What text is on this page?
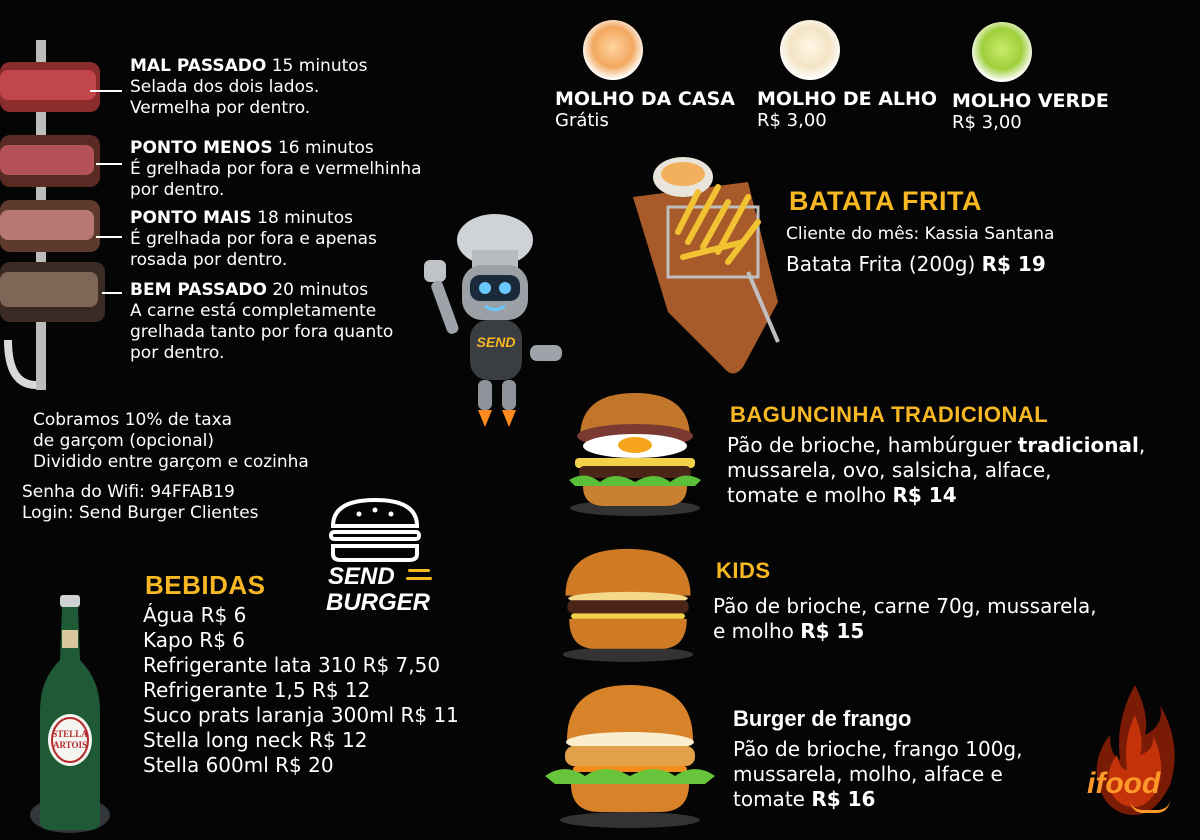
MAL PASSADO 15 minutos
Selada dos dois lados.
Vermelha por dentro.
PONTO MENOS 16 minutos
É grelhada por fora e vermelhinha
por dentro.
PONTO MAIS 18 minutos
É grelhada por fora e apenas
rosada por dentro.
BEM PASSADO 20 minutos
A carne está completamente
grelhada tanto por fora quanto
por dentro.
SEND
Cobramos 10% de taxa
de garçom (opcional)
Dividido entre garçom e cozinha
Senha do Wifi: 94FFAB19
Login: Send Burger Clientes
SEND
BURGER
STELLA
ARTOIS
BEBIDAS
Água R$ 6
Kapo R$ 6
Refrigerante lata 310 R$ 7,50
Refrigerante 1,5 R$ 12
Suco prats laranja 300ml R$ 11
Stella long neck R$ 12
Stella 600ml R$ 20
MOLHO DA CASA
Grátis
MOLHO DE ALHO
R$ 3,00
MOLHO VERDE
R$ 3,00
BATATA FRITA
Cliente do mês: Kassia Santana
Batata Frita (200g) R$ 19
BAGUNCINHA TRADICIONAL
Pão de brioche, hambúrguer tradicional,
mussarela, ovo, salsicha, alface,
tomate e molho R$ 14
KIDS
Pão de brioche, carne 70g, mussarela,
e molho R$ 15
Burger de frango
Pão de brioche, frango 100g,
mussarela, molho, alface e
tomate R$ 16	ifood
